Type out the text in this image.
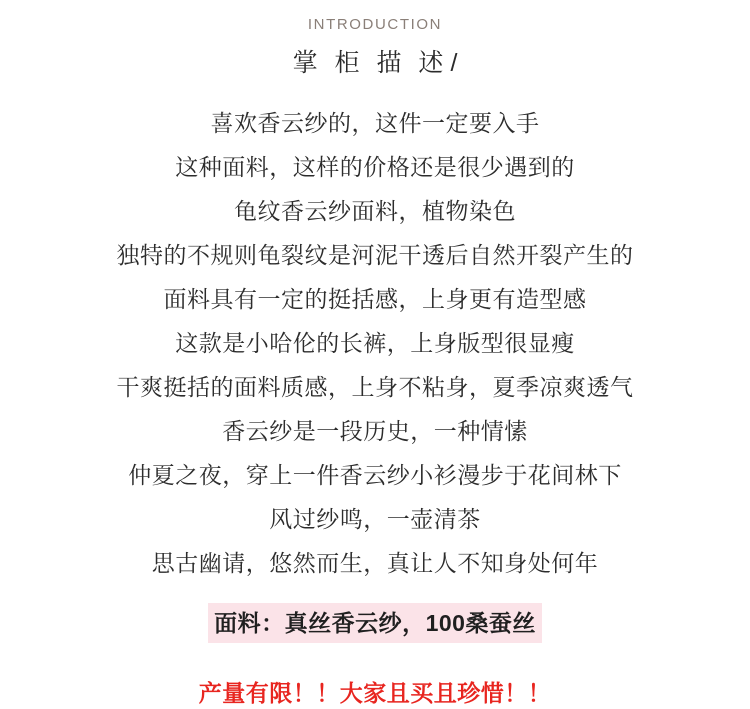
INTRODUCTION
掌 柜 描 述/
喜欢香云纱的，这件一定要入手
这种面料，这样的价格还是很少遇到的
龟纹香云纱面料，植物染色
独特的不规则龟裂纹是河泥干透后自然开裂产生的
面料具有一定的挺括感，上身更有造型感
这款是小哈伦的长裤，上身版型很显瘦
干爽挺括的面料质感，上身不粘身，夏季凉爽透气
香云纱是一段历史，一种情愫
仲夏之夜，穿上一件香云纱小衫漫步于花间林下
风过纱鸣，一壶清茶
思古幽请，悠然而生，真让人不知身处何年
面料：真丝香云纱，100桑蚕丝
产量有限！！大家且买且珍惜！！
